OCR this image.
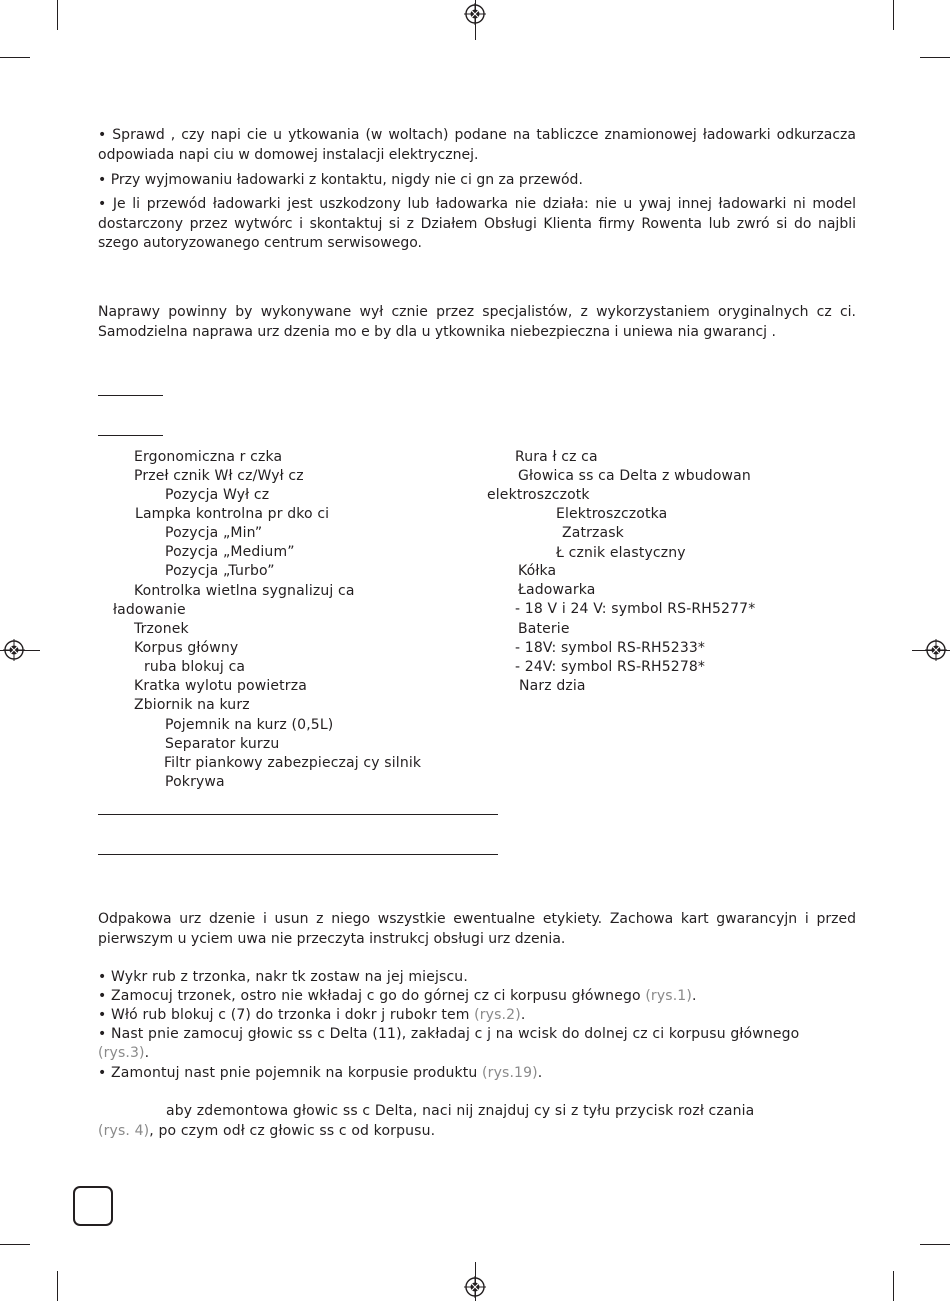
• Sprawd , czy napi cie u ytkowania (w woltach) podane na tabliczce znamionowej ładowarki odkurzacza odpowiada napi ciu w domowej instalacji elektrycznej.
• Przy wyjmowaniu ładowarki z kontaktu, nigdy nie ci gn za przewód.
• Je li przewód ładowarki jest uszkodzony lub ładowarka nie działa: nie u ywaj innej ładowarki ni model dostarczony przez wytwórc i skontaktuj si z Działem Obsługi Klienta firmy Rowenta lub zwró si do najbli szego autoryzowanego centrum serwisowego.
Naprawy powinny by wykonywane wył cznie przez specjalistów, z wykorzystaniem oryginalnych cz ci. Samodzielna naprawa urz dzenia mo e by dla u ytkownika niebezpieczna i uniewa nia gwarancj .
Ergonomiczna r czka
Przeł cznik Wł cz/Wył cz
Pozycja Wył cz
Lampka kontrolna pr dko ci
Pozycja „Min”
Pozycja „Medium”
Pozycja „Turbo”
Kontrolka wietlna sygnalizuj ca
ładowanie
Trzonek
Korpus główny
ruba blokuj ca
Kratka wylotu powietrza
Zbiornik na kurz
Pojemnik na kurz (0,5L)
Separator kurzu
Filtr piankowy zabezpieczaj cy silnik
Pokrywa
Rura ł cz ca
Głowica ss ca Delta z wbudowan
elektroszczotk
Elektroszczotka
Zatrzask
Ł cznik elastyczny
Kółka
Ładowarka
- 18 V i 24 V: symbol RS-RH5277*
Baterie
- 18V: symbol RS-RH5233*
- 24V: symbol RS-RH5278*
Narz dzia
Odpakowa urz dzenie i usun z niego wszystkie ewentualne etykiety. Zachowa kart gwarancyjn i przed pierwszym u yciem uwa nie przeczyta instrukcj obsługi urz dzenia.
• Wykr rub z trzonka, nakr tk zostaw na jej miejscu.
• Zamocuj trzonek, ostro nie wkładaj c go do górnej cz ci korpusu głównego (rys.1).
• Włó rub blokuj c (7) do trzonka i dokr j rubokr tem (rys.2).
• Nast pnie zamocuj głowic ss c Delta (11), zakładaj c j na wcisk do dolnej cz ci korpusu głównego
(rys.3).
• Zamontuj nast pnie pojemnik na korpusie produktu (rys.19).
aby zdemontowa głowic ss c Delta, naci nij znajduj cy si z tyłu przycisk rozł czania
(rys. 4), po czym odł cz głowic ss c od korpusu.
